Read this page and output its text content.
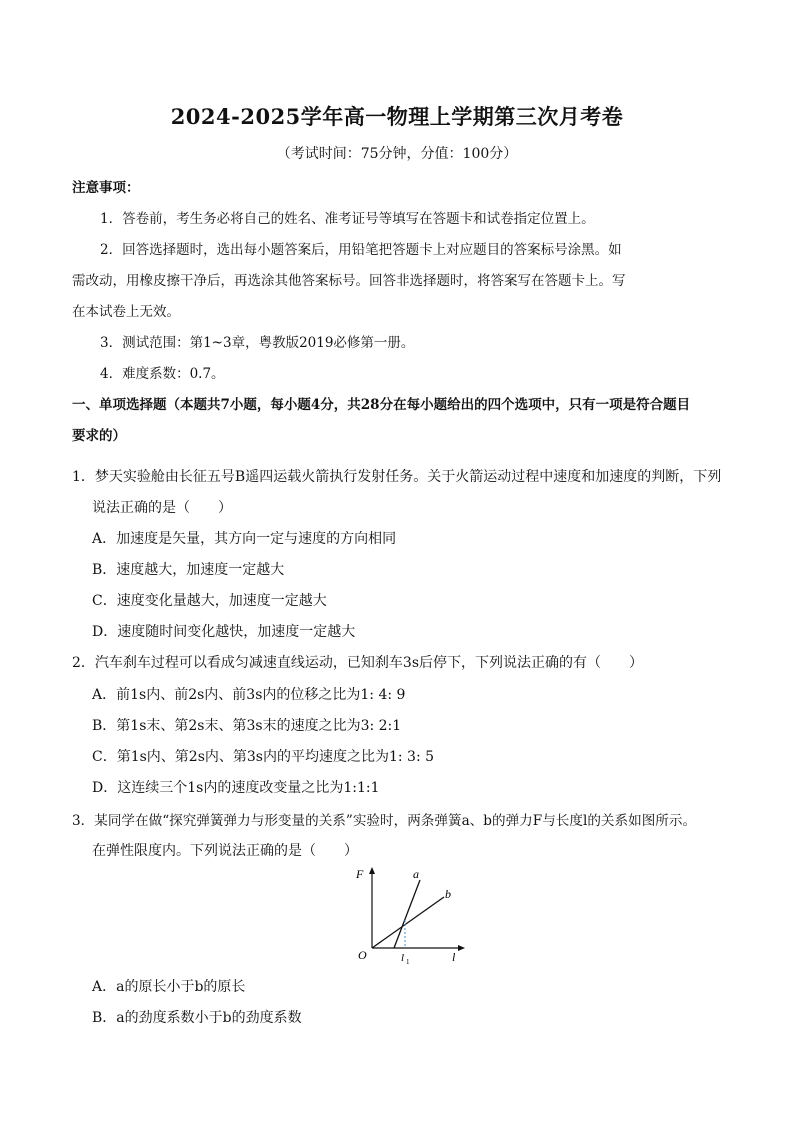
2024-2025学年高一物理上学期第三次月考卷
（考试时间：75分钟，分值：100分）
注意事项：
1．答卷前，考生务必将自己的姓名、准考证号等填写在答题卡和试卷指定位置上。
2．回答选择题时，选出每小题答案后，用铅笔把答题卡上对应题目的答案标号涂黑。如
需改动，用橡皮擦干净后，再选涂其他答案标号。回答非选择题时，将答案写在答题卡上。写
在本试卷上无效。
3．测试范围：第1~3章，粤教版2019必修第一册。
4．难度系数：0.7。
一、单项选择题（本题共7小题，每小题4分，共28分在每小题给出的四个选项中，只有一项是符合题目
要求的）
1．梦天实验舱由长征五号B遥四运载火箭执行发射任务。关于火箭运动过程中速度和加速度的判断，下列
说法正确的是（　　）
A．加速度是矢量，其方向一定与速度的方向相同
B．速度越大，加速度一定越大
C．速度变化量越大，加速度一定越大
D．速度随时间变化越快，加速度一定越大
2．汽车刹车过程可以看成匀减速直线运动，已知刹车3s后停下，下列说法正确的有（　　）
A．前1s内、前2s内、前3s内的位移之比为1: 4: 9
B．第1s末、第2s末、第3s末的速度之比为3: 2:1
C．第1s内、第2s内、第3s内的平均速度之比为1: 3: 5
D．这连续三个1s内的速度改变量之比为1:1:1
3．某同学在做“探究弹簧弹力与形变量的关系”实验时，两条弹簧a、b的弹力F与长度l的关系如图所示。
在弹性限度内。下列说法正确的是（　　）
F
O	l
l 1
a
b
A．a的原长小于b的原长
B．a的劲度系数小于b的劲度系数
